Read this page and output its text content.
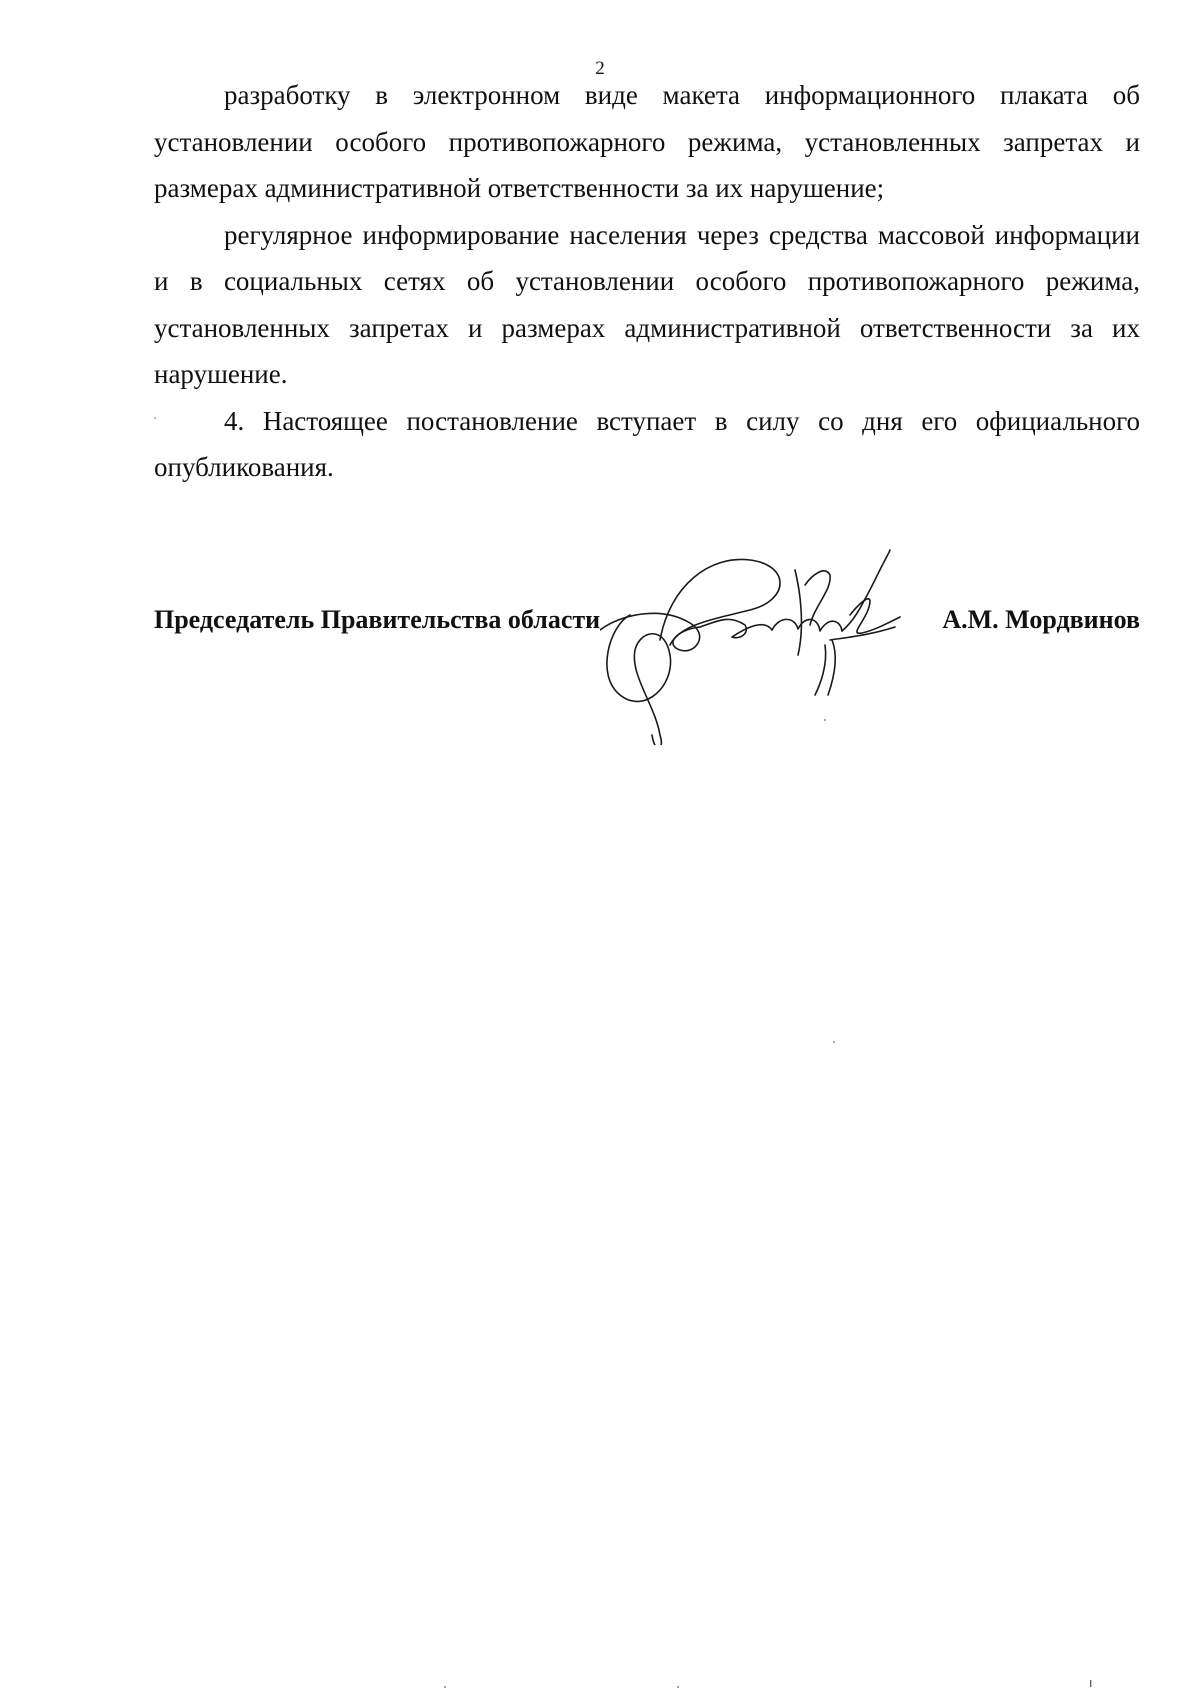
2

разработку в электронном виде макета информационного плаката об установлении особого противопожарного режима, установленных запретах и размерах административной ответственности за их нарушение;

регулярное информирование населения через средства массовой информации и в социальных сетях об установлении особого противопожарного режима, установленных запретах и размерах административной ответственности за их нарушение.

4. Настоящее постановление вступает в силу со дня его официального опубликования.

Председатель Правительства области	А.М. Мордвинов
